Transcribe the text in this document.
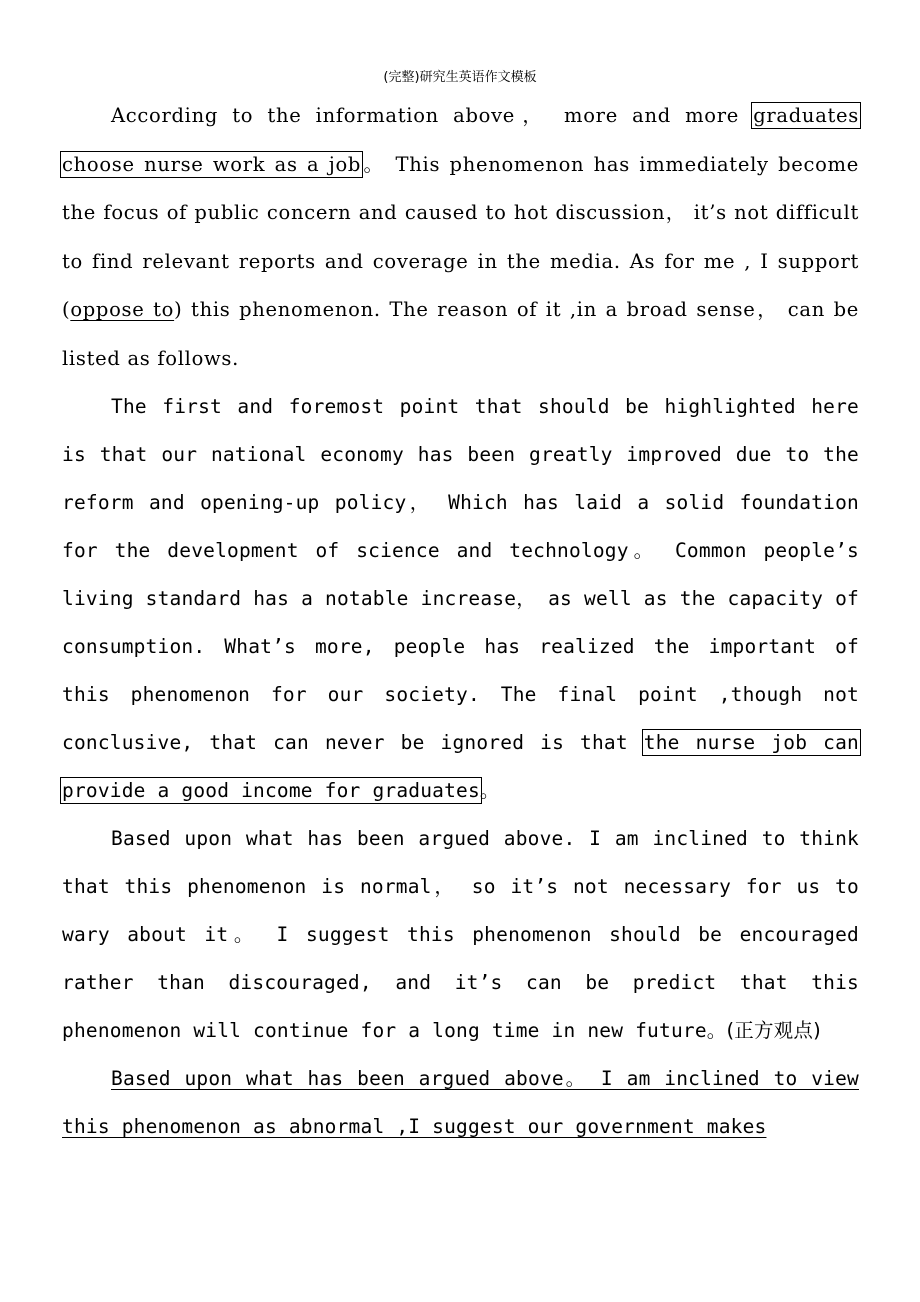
(完整)研究生英语作文模板

According to the information above， more and more graduates choose nurse work as a job。 This phenomenon has immediately become the focus of public concern and caused to hot discussion， it’s not difficult to find relevant reports and coverage in the media. As for me , I support (oppose to) this phenomenon. The reason of it ,in a broad sense， can be listed as follows.

The first and foremost point that should be highlighted here is that our national economy has been greatly improved due to the reform and opening-up policy， Which has laid a solid foundation for the development of science and technology。 Common people’s living standard has a notable increase， as well as the capacity of consumption. What’s more, people has realized the important of this phenomenon for our society. The final point ,though not conclusive, that can never be ignored is that the nurse job can provide a good income for graduates。

Based upon what has been argued above. I am inclined to think that this phenomenon is normal， so it’s not necessary for us to wary about it。 I suggest this phenomenon should be encouraged rather than discouraged, and it’s can be predict that this phenomenon will continue for a long time in new future。(正方观点)

Based upon what has been argued above。 I am inclined to view this phenomenon as abnormal ,I suggest our government makes
